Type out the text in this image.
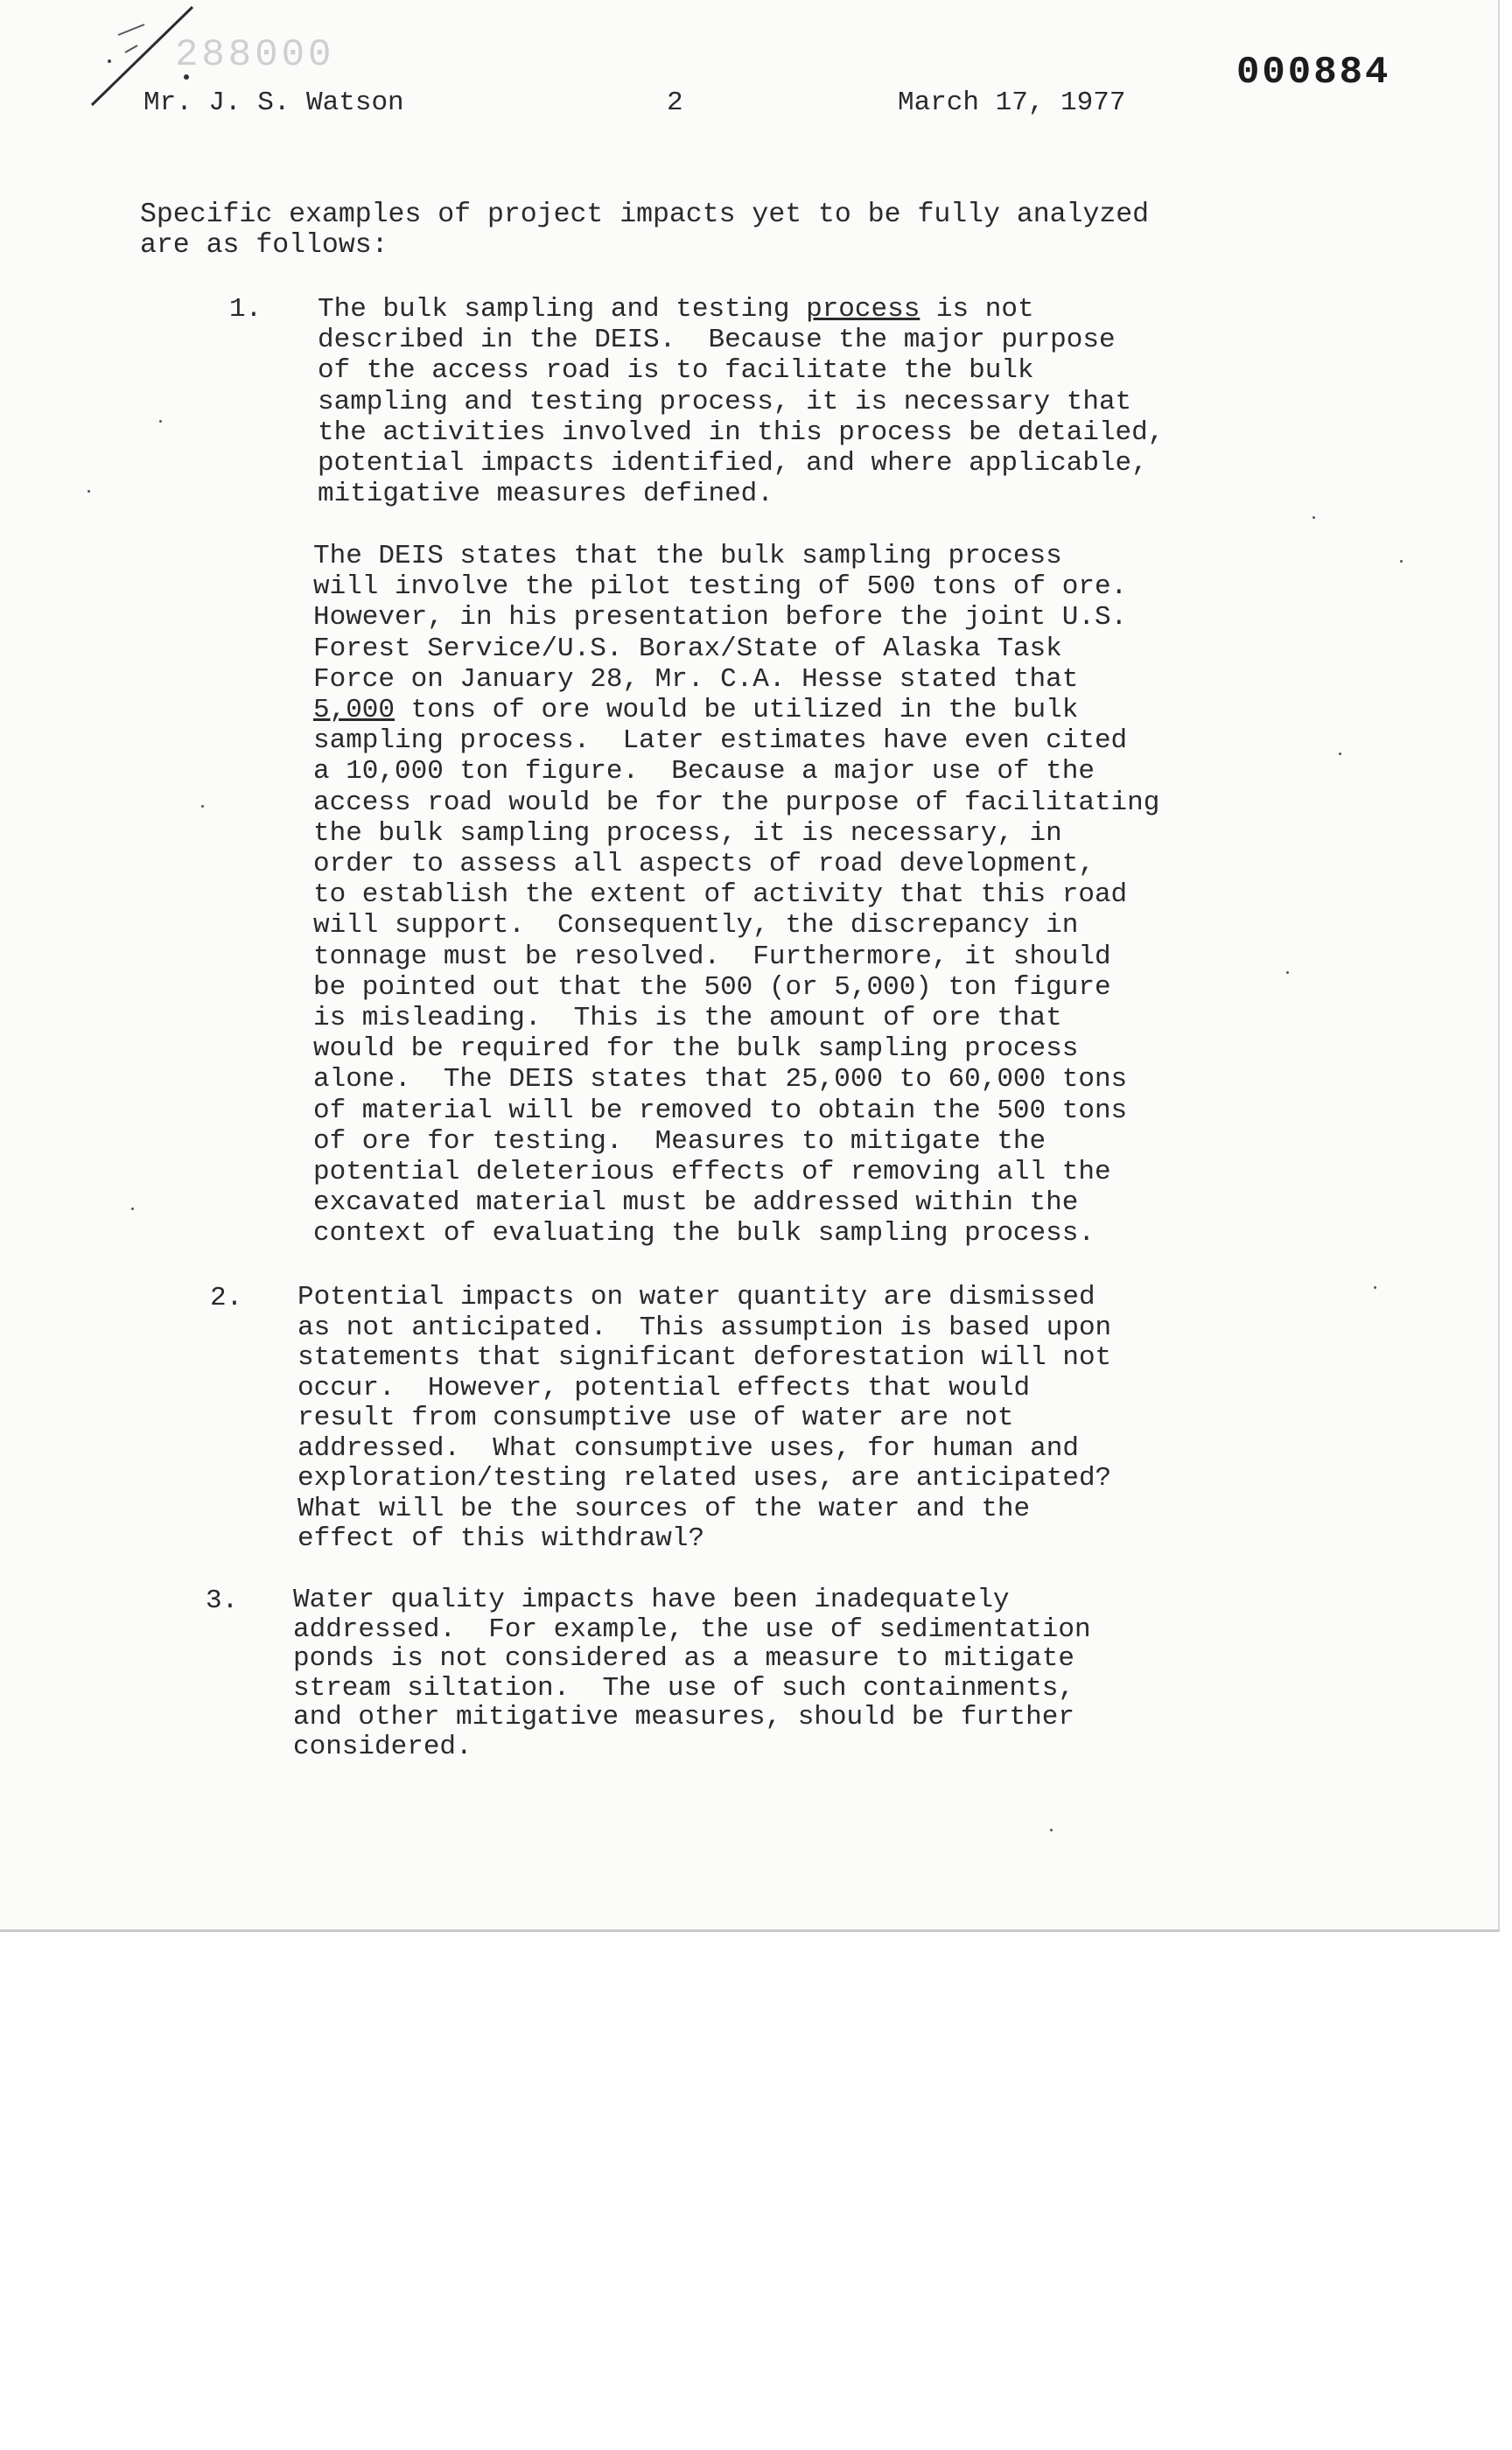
288000	000884
Mr. J. S. Watson	2	March 17, 1977
Specific examples of project impacts yet to be fully analyzed
are as follows:
1. The bulk sampling and testing process is not
described in the DEIS.  Because the major purpose
of the access road is to facilitate the bulk
sampling and testing process, it is necessary that
the activities involved in this process be detailed,
potential impacts identified, and where applicable,
mitigative measures defined.
The DEIS states that the bulk sampling process
will involve the pilot testing of 500 tons of ore.
However, in his presentation before the joint U.S.
Forest Service/U.S. Borax/State of Alaska Task
Force on January 28, Mr. C.A. Hesse stated that
5,000 tons of ore would be utilized in the bulk
sampling process.  Later estimates have even cited
a 10,000 ton figure.  Because a major use of the
access road would be for the purpose of facilitating
the bulk sampling process, it is necessary, in
order to assess all aspects of road development,
to establish the extent of activity that this road
will support.  Consequently, the discrepancy in
tonnage must be resolved.  Furthermore, it should
be pointed out that the 500 (or 5,000) ton figure
is misleading.  This is the amount of ore that
would be required for the bulk sampling process
alone.  The DEIS states that 25,000 to 60,000 tons
of material will be removed to obtain the 500 tons
of ore for testing.  Measures to mitigate the
potential deleterious effects of removing all the
excavated material must be addressed within the
context of evaluating the bulk sampling process.
2. Potential impacts on water quantity are dismissed
as not anticipated.  This assumption is based upon
statements that significant deforestation will not
occur.  However, potential effects that would
result from consumptive use of water are not
addressed.  What consumptive uses, for human and
exploration/testing related uses, are anticipated?
What will be the sources of the water and the
effect of this withdrawl?
3. Water quality impacts have been inadequately
addressed.  For example, the use of sedimentation
ponds is not considered as a measure to mitigate
stream siltation.  The use of such containments,
and other mitigative measures, should be further
considered.
